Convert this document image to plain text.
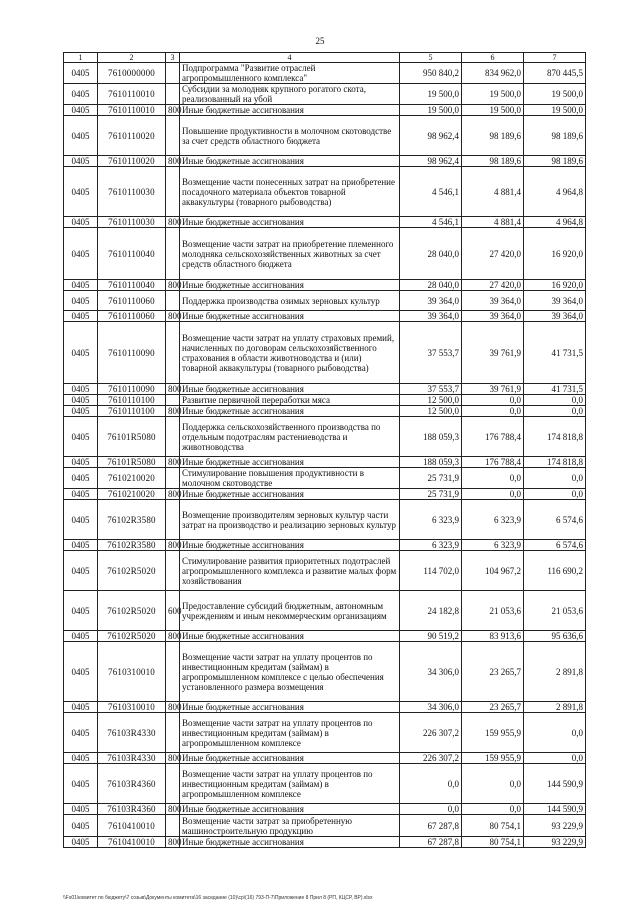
25
1	2	3	4	5	6	7
0405	7610000000		Подпрограмма "Развитие отраслей агропромышленного комплекса"	950 840,2	834 962,0	870 445,5
0405	7610110010		Субсидии за молодняк крупного рогатого скота, реализованный на убой	19 500,0	19 500,0	19 500,0
0405	7610110010	800	Иные бюджетные ассигнования	19 500,0	19 500,0	19 500,0
0405	7610110020		Повышение продуктивности в молочном скотоводстве за счет средств областного бюджета	98 962,4	98 189,6	98 189,6
0405	7610110020	800	Иные бюджетные ассигнования	98 962,4	98 189,6	98 189,6
0405	7610110030		Возмещение части понесенных затрат на приобретение посадочного материала объектов товарной аквакультуры (товарного рыбоводства)	4 546,1	4 881,4	4 964,8
0405	7610110030	800	Иные бюджетные ассигнования	4 546,1	4 881,4	4 964,8
0405	7610110040		Возмещение части затрат на приобретение племенного молодняка сельскохозяйственных животных за счет средств областного бюджета	28 040,0	27 420,0	16 920,0
0405	7610110040	800	Иные бюджетные ассигнования	28 040,0	27 420,0	16 920,0
0405	7610110060		Поддержка производства озимых зерновых культур	39 364,0	39 364,0	39 364,0
0405	7610110060	800	Иные бюджетные ассигнования	39 364,0	39 364,0	39 364,0
0405	7610110090		Возмещение части затрат на уплату страховых премий, начисленных по договорам сельскохозяйственного страхования в области животноводства и (или) товарной аквакультуры (товарного рыбоводства)	37 553,7	39 761,9	41 731,5
0405	7610110090	800	Иные бюджетные ассигнования	37 553,7	39 761,9	41 731,5
0405	7610110100		Развитие первичной переработки мяса	12 500,0	0,0	0,0
0405	7610110100	800	Иные бюджетные ассигнования	12 500,0	0,0	0,0
0405	76101R5080		Поддержка сельскохозяйственного производства по отдельным подотраслям растениеводства и животноводства	188 059,3	176 788,4	174 818,8
0405	76101R5080	800	Иные бюджетные ассигнования	188 059,3	176 788,4	174 818,8
0405	7610210020		Стимулирование повышения продуктивности в молочном скотоводстве	25 731,9	0,0	0,0
0405	7610210020	800	Иные бюджетные ассигнования	25 731,9	0,0	0,0
0405	76102R3580		Возмещение производителям зерновых культур части затрат на производство и реализацию зерновых культур	6 323,9	6 323,9	6 574,6
0405	76102R3580	800	Иные бюджетные ассигнования	6 323,9	6 323,9	6 574,6
0405	76102R5020		Стимулирование развития приоритетных подотраслей агропромышленного комплекса и развитие малых форм хозяйствования	114 702,0	104 967,2	116 690,2
0405	76102R5020	600	Предоставление субсидий бюджетным, автономным учреждениям и иным некоммерческим организациям	24 182,8	21 053,6	21 053,6
0405	76102R5020	800	Иные бюджетные ассигнования	90 519,2	83 913,6	95 636,6
0405	7610310010		Возмещение части затрат на уплату процентов по инвестиционным кредитам (займам) в агропромышленном комплексе с целью обеспечения установленного размера возмещения	34 306,0	23 265,7	2 891,8
0405	7610310010	800	Иные бюджетные ассигнования	34 306,0	23 265,7	2 891,8
0405	76103R4330		Возмещение части затрат на уплату процентов по инвестиционным кредитам (займам) в агропромышленном комплексе	226 307,2	159 955,9	0,0
0405	76103R4330	800	Иные бюджетные ассигнования	226 307,2	159 955,9	0,0
0405	76103R4360		Возмещение части затрат на уплату процентов по инвестиционным кредитам (займам) в агропромышленном комплексе	0,0	0,0	144 590,9
0405	76103R4360	800	Иные бюджетные ассигнования	0,0	0,0	144 590,9
0405	7610410010		Возмещение части затрат за приобретенную машиностроительную продукцию	67 287,8	80 754,1	93 229,9
0405	7610410010	800	Иные бюджетные ассигнования	67 287,8	80 754,1	93 229,9
\\Fs01\комитет по бюджету\7 созыв\Документы комитета\16 заседание (10)\ср\(16) 793-П-7\Приложение 8 Прил 8 (РП, КЦСР, ВР).xlsx
